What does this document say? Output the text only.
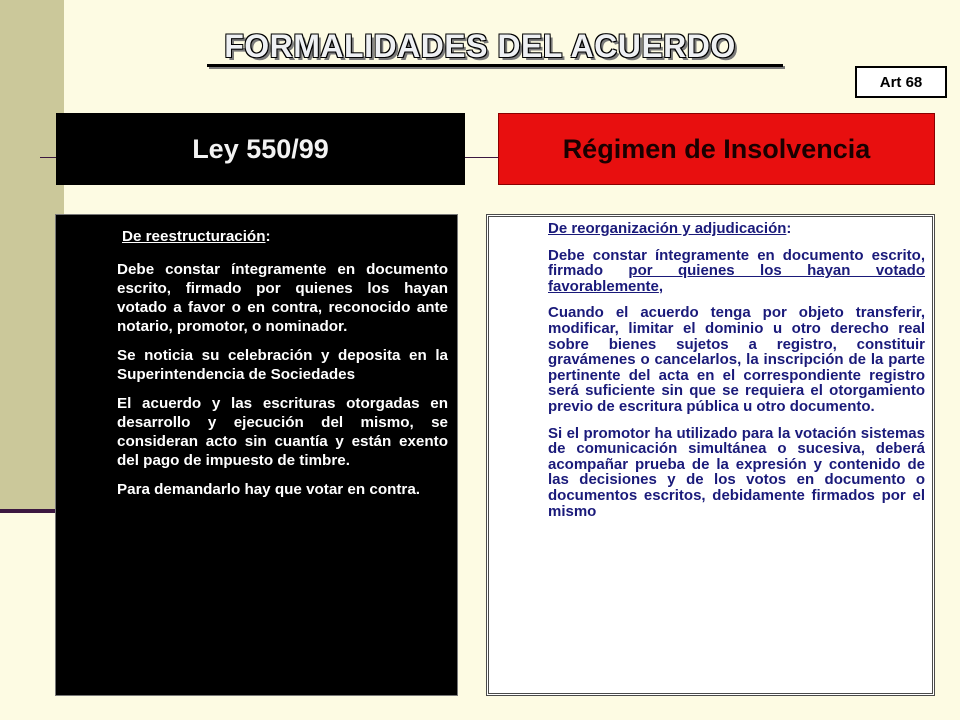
FORMALIDADES DEL ACUERDO
Art 68
Ley 550/99	Régimen de Insolvencia
De reestructuración:

Debe constar íntegramente en documento escrito, firmado por quienes los hayan votado a favor o en contra, reconocido ante notario, promotor, o nominador.

Se noticia su celebración y deposita en la Superintendencia de Sociedades

El acuerdo y las escrituras otorgadas en desarrollo y ejecución del mismo, se consideran acto sin cuantía y están exento del pago de impuesto de timbre.

Para demandarlo hay que votar en contra.

De reorganización y adjudicación:

Debe constar íntegramente en documento escrito, firmado por quienes los hayan votado favorablemente,

Cuando el acuerdo tenga por objeto transferir, modificar, limitar el dominio u otro derecho real sobre bienes sujetos a registro, constituir gravámenes o cancelarlos, la inscripción de la parte pertinente del acta en el correspondiente registro será suficiente sin que se requiera el otorgamiento previo de escritura pública u otro documento.

Si el promotor ha utilizado para la votación sistemas de comunicación simultánea o sucesiva, deberá acompañar prueba de la expresión y contenido de las decisiones y de los votos en documento o documentos escritos, debidamente firmados por el mismo
